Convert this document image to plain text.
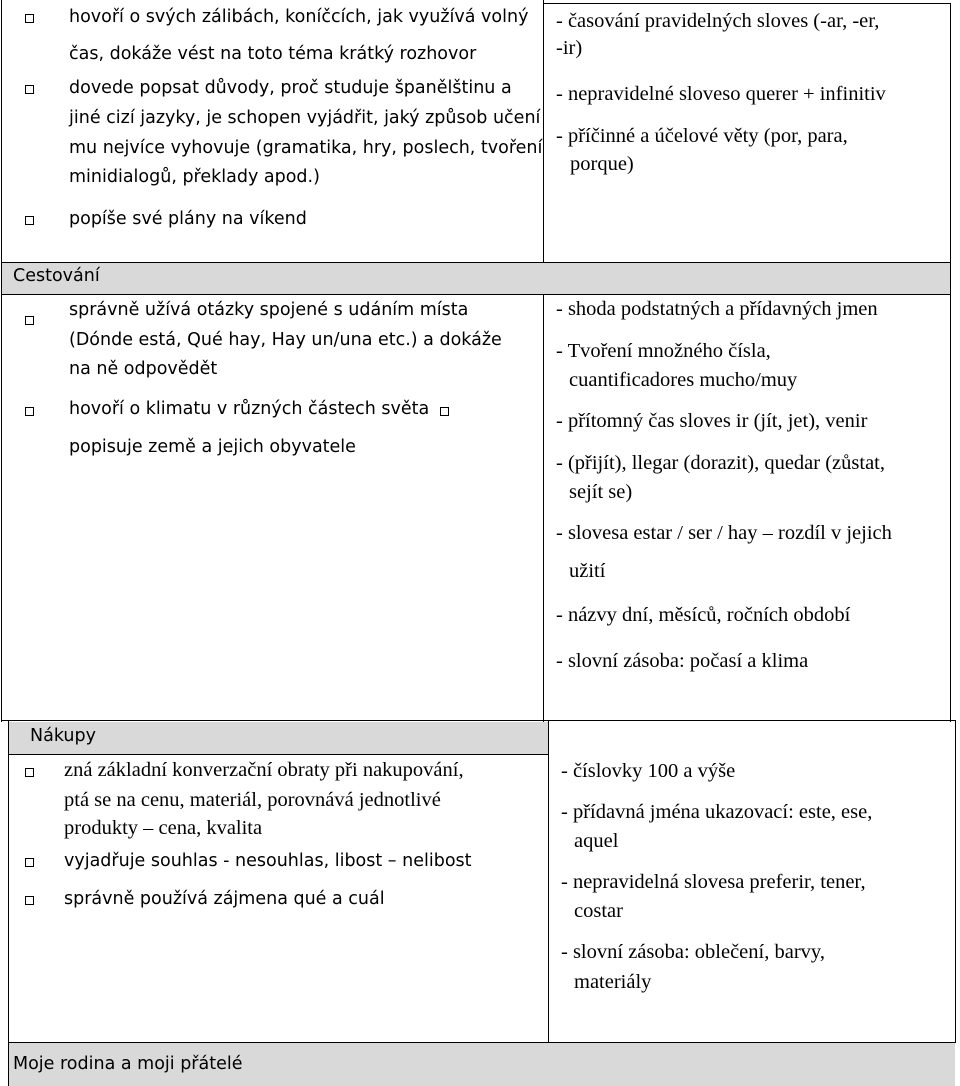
hovoří o svých zálibách, koníčcích, jak využívá volný
čas, dokáže vést na toto téma krátký rozhovor
dovede popsat důvody, proč studuje španělštinu a
jiné cizí jazyky, je schopen vyjádřit, jaký způsob učení
mu nejvíce vyhovuje (gramatika, hry, poslech, tvoření
minidialogů, překlady apod.)
popíše své plány na víkend
- časování pravidelných sloves (-ar, -er,
-ir)
- nepravidelné sloveso querer + infinitiv
- příčinné a účelové věty (por, para,
porque)
Cestování
správně užívá otázky spojené s udáním místa
(Dónde está, Qué hay, Hay un/una etc.) a dokáže
na ně odpovědět
hovoří o klimatu v různých částech světa
popisuje země a jejich obyvatele
- shoda podstatných a přídavných jmen
- Tvoření množného čísla,
cuantificadores mucho/muy
- přítomný čas sloves ir (jít, jet), venir
- (přijít), llegar (dorazit), quedar (zůstat,
sejít se)
- slovesa estar / ser / hay – rozdíl v jejich
užití
- názvy dní, měsíců, ročních období
- slovní zásoba: počasí a klima
Nákupy
zná základní konverzační obraty při nakupování,
ptá se na cenu, materiál, porovnává jednotlivé
produkty – cena, kvalita
vyjadřuje souhlas - nesouhlas, libost – nelibost
správně používá zájmena qué a cuál
- číslovky 100 a výše
- přídavná jména ukazovací: este, ese,
aquel
- nepravidelná slovesa preferir, tener,
costar
- slovní zásoba: oblečení, barvy,
materiály
Moje rodina a moji přátelé
